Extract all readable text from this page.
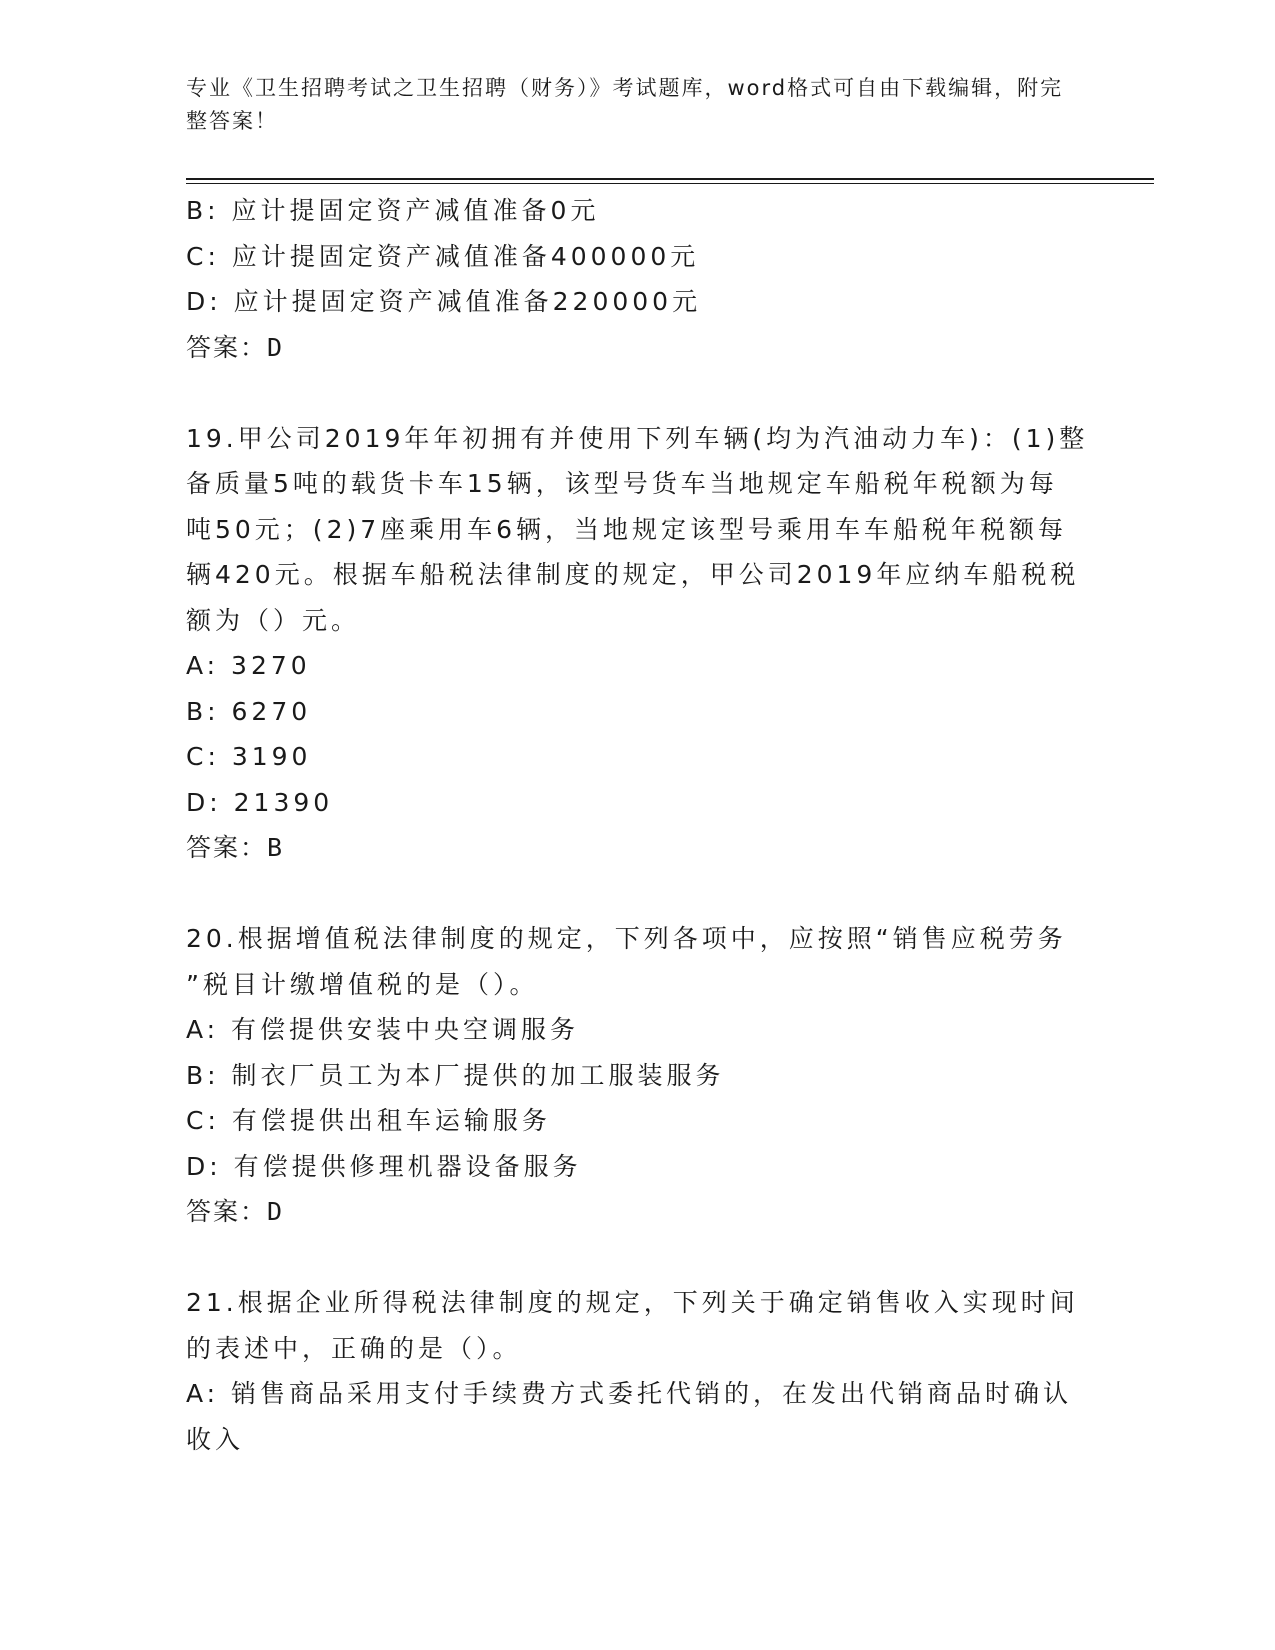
专业《卫生招聘考试之卫生招聘（财务）》考试题库，word格式可自由下载编辑，附完整答案！
B: 应计提固定资产减值准备0元
C: 应计提固定资产减值准备400000元
D: 应计提固定资产减值准备220000元
答案：D
19.甲公司2019年年初拥有并使用下列车辆(均为汽油动力车)：(1)整
备质量5吨的载货卡车15辆，该型号货车当地规定车船税年税额为每
吨50元；(2)7座乘用车6辆，当地规定该型号乘用车车船税年税额每
辆420元。根据车船税法律制度的规定，甲公司2019年应纳车船税税
额为（）元。
A: 3270
B: 6270
C: 3190
D: 21390
答案：B
20.根据增值税法律制度的规定，下列各项中，应按照“销售应税劳务
”税目计缴增值税的是（）。
A: 有偿提供安装中央空调服务
B: 制衣厂员工为本厂提供的加工服装服务
C: 有偿提供出租车运输服务
D: 有偿提供修理机器设备服务
答案：D
21.根据企业所得税法律制度的规定，下列关于确定销售收入实现时间
的表述中，正确的是（）。
A: 销售商品采用支付手续费方式委托代销的，在发出代销商品时确认
收入
